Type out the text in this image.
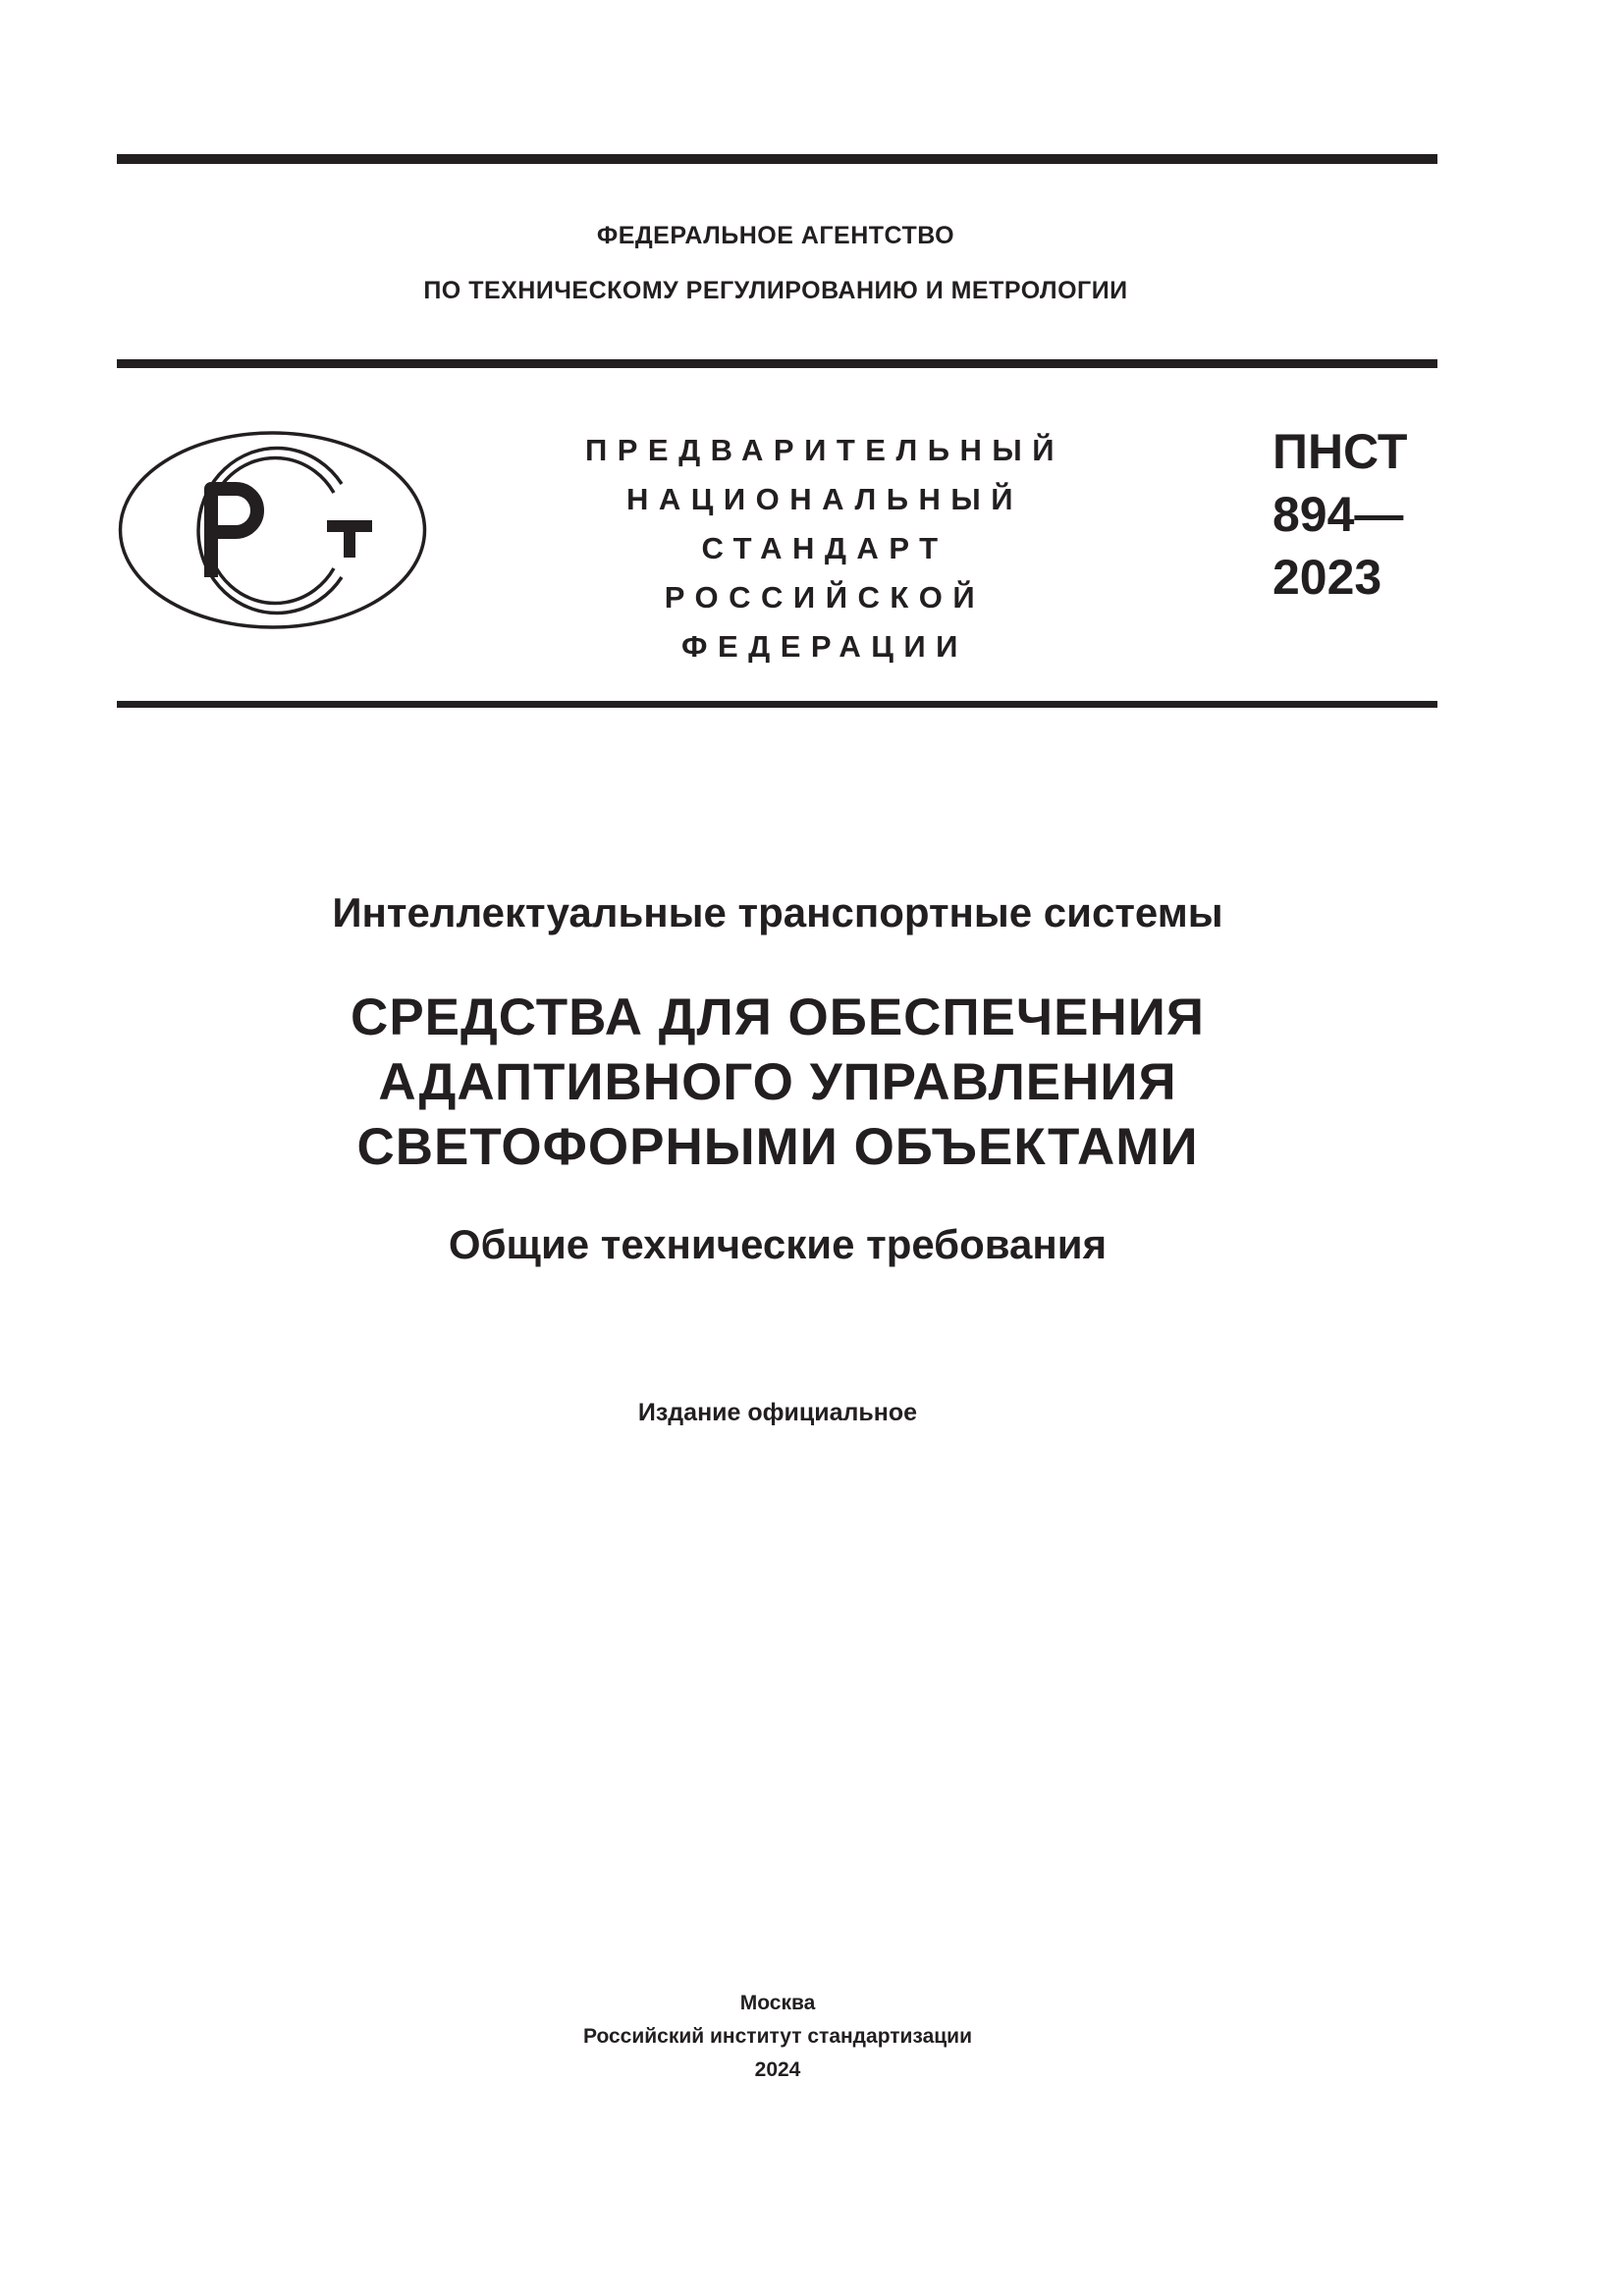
ФЕДЕРАЛЬНОЕ АГЕНТСТВО
ПО ТЕХНИЧЕСКОМУ РЕГУЛИРОВАНИЮ И МЕТРОЛОГИИ
ПРЕДВАРИТЕЛЬНЫЙ
НАЦИОНАЛЬНЫЙ
СТАНДАРТ
РОССИЙСКОЙ
ФЕДЕРАЦИИ
ПНСТ
894—
2023
Интеллектуальные транспортные системы
СРЕДСТВА ДЛЯ ОБЕСПЕЧЕНИЯ
АДАПТИВНОГО УПРАВЛЕНИЯ
СВЕТОФОРНЫМИ ОБЪЕКТАМИ
Общие технические требования
Издание официальное
Москва
Российский институт стандартизации
2024
